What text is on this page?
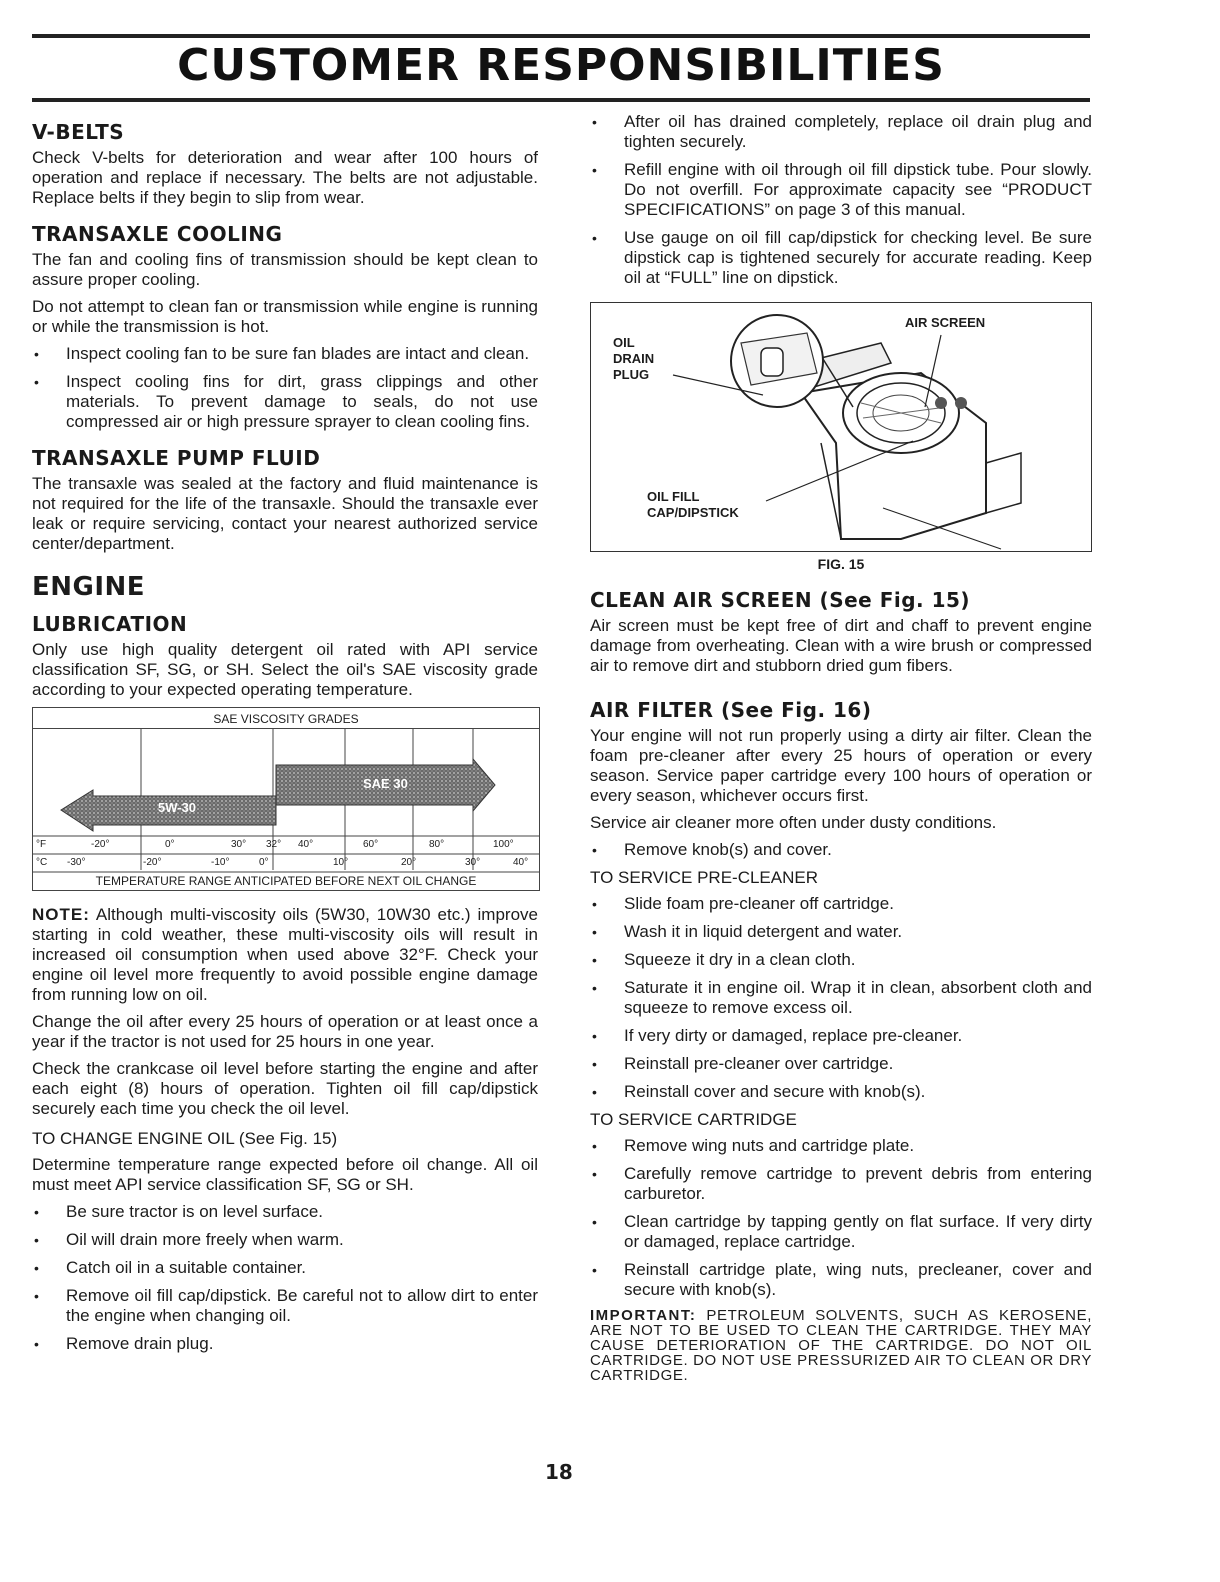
CUSTOMER RESPONSIBILITIES
V-BELTS

Check V-belts for deterioration and wear after 100 hours of operation and replace if necessary. The belts are not adjustable. Replace belts if they begin to slip from wear.

TRANSAXLE COOLING

The fan and cooling fins of transmission should be kept clean to assure proper cooling.

Do not attempt to clean fan or transmission while engine is running or while the transmission is hot.

• Inspect cooling fan to be sure fan blades are intact and clean.
• Inspect cooling fins for dirt, grass clippings and other materials. To prevent damage to seals, do not use compressed air or high pressure sprayer to clean cooling fins.
TRANSAXLE PUMP FLUID

The transaxle was sealed at the factory and fluid maintenance is not required for the life of the transaxle. Should the transaxle ever leak or require servicing, contact your nearest authorized service center/department.

ENGINE
LUBRICATION

Only use high quality detergent oil rated with API service classification SF, SG, or SH. Select the oil's SAE viscosity grade according to your expected operating temperature.

SAE VISCOSITY GRADES
5W-30
SAE 30
°F	-20°	0°	30° 32° 40°	60°	80°	100°
°C -30°	-20°	-10°	0°	10°	20°	30°	40°
TEMPERATURE RANGE ANTICIPATED BEFORE NEXT OIL CHANGE

NOTE: Although multi-viscosity oils (5W30, 10W30 etc.) improve starting in cold weather, these multi-viscosity oils will result in increased oil consumption when used above 32°F. Check your engine oil level more frequently to avoid possible engine damage from running low on oil.

Change the oil after every 25 hours of operation or at least once a year if the tractor is not used for 25 hours in one year.

Check the crankcase oil level before starting the engine and after each eight (8) hours of operation. Tighten oil fill cap/dipstick securely each time you check the oil level.

TO CHANGE ENGINE OIL (See Fig. 15)

Determine temperature range expected before oil change. All oil must meet API service classification SF, SG or SH.

• Be sure tractor is on level surface.
• Oil will drain more freely when warm.
• Catch oil in a suitable container.
• Remove oil fill cap/dipstick. Be careful not to allow dirt to enter the engine when changing oil.
• Remove drain plug.
• After oil has drained completely, replace oil drain plug and tighten securely.
• Refill engine with oil through oil fill dipstick tube. Pour slowly. Do not overfill. For approximate capacity see “PRODUCT SPECIFICATIONS” on page 3 of this manual.
• Use gauge on oil fill cap/dipstick for checking level. Be sure dipstick cap is tightened securely for accurate reading. Keep oil at “FULL” line on dipstick.
AIR SCREEN
OIL
DRAIN
PLUG
OIL FILL
CAP/DIPSTICK
FIG. 15
CLEAN AIR SCREEN (See Fig. 15)

Air screen must be kept free of dirt and chaff to prevent engine damage from overheating. Clean with a wire brush or compressed air to remove dirt and stubborn dried gum fibers.

AIR FILTER (See Fig. 16)

Your engine will not run properly using a dirty air filter. Clean the foam pre-cleaner after every 25 hours of operation or every season. Service paper cartridge every 100 hours of operation or every season, whichever occurs first.

Service air cleaner more often under dusty conditions.

• Remove knob(s) and cover.
TO SERVICE PRE-CLEANER
• Slide foam pre-cleaner off cartridge.
• Wash it in liquid detergent and water.
• Squeeze it dry in a clean cloth.
• Saturate it in engine oil. Wrap it in clean, absorbent cloth and squeeze to remove excess oil.
• If very dirty or damaged, replace pre-cleaner.
• Reinstall pre-cleaner over cartridge.
• Reinstall cover and secure with knob(s).
TO SERVICE CARTRIDGE
• Remove wing nuts and cartridge plate.
• Carefully remove cartridge to prevent debris from entering carburetor.
• Clean cartridge by tapping gently on flat surface. If very dirty or damaged, replace cartridge.
• Reinstall cartridge plate, wing nuts, precleaner, cover and secure with knob(s).

IMPORTANT: PETROLEUM SOLVENTS, SUCH AS KEROSENE, ARE NOT TO BE USED TO CLEAN THE CARTRIDGE. THEY MAY CAUSE DETERIORATION OF THE CARTRIDGE. DO NOT OIL CARTRIDGE. DO NOT USE PRESSURIZED AIR TO CLEAN OR DRY CARTRIDGE.

18
